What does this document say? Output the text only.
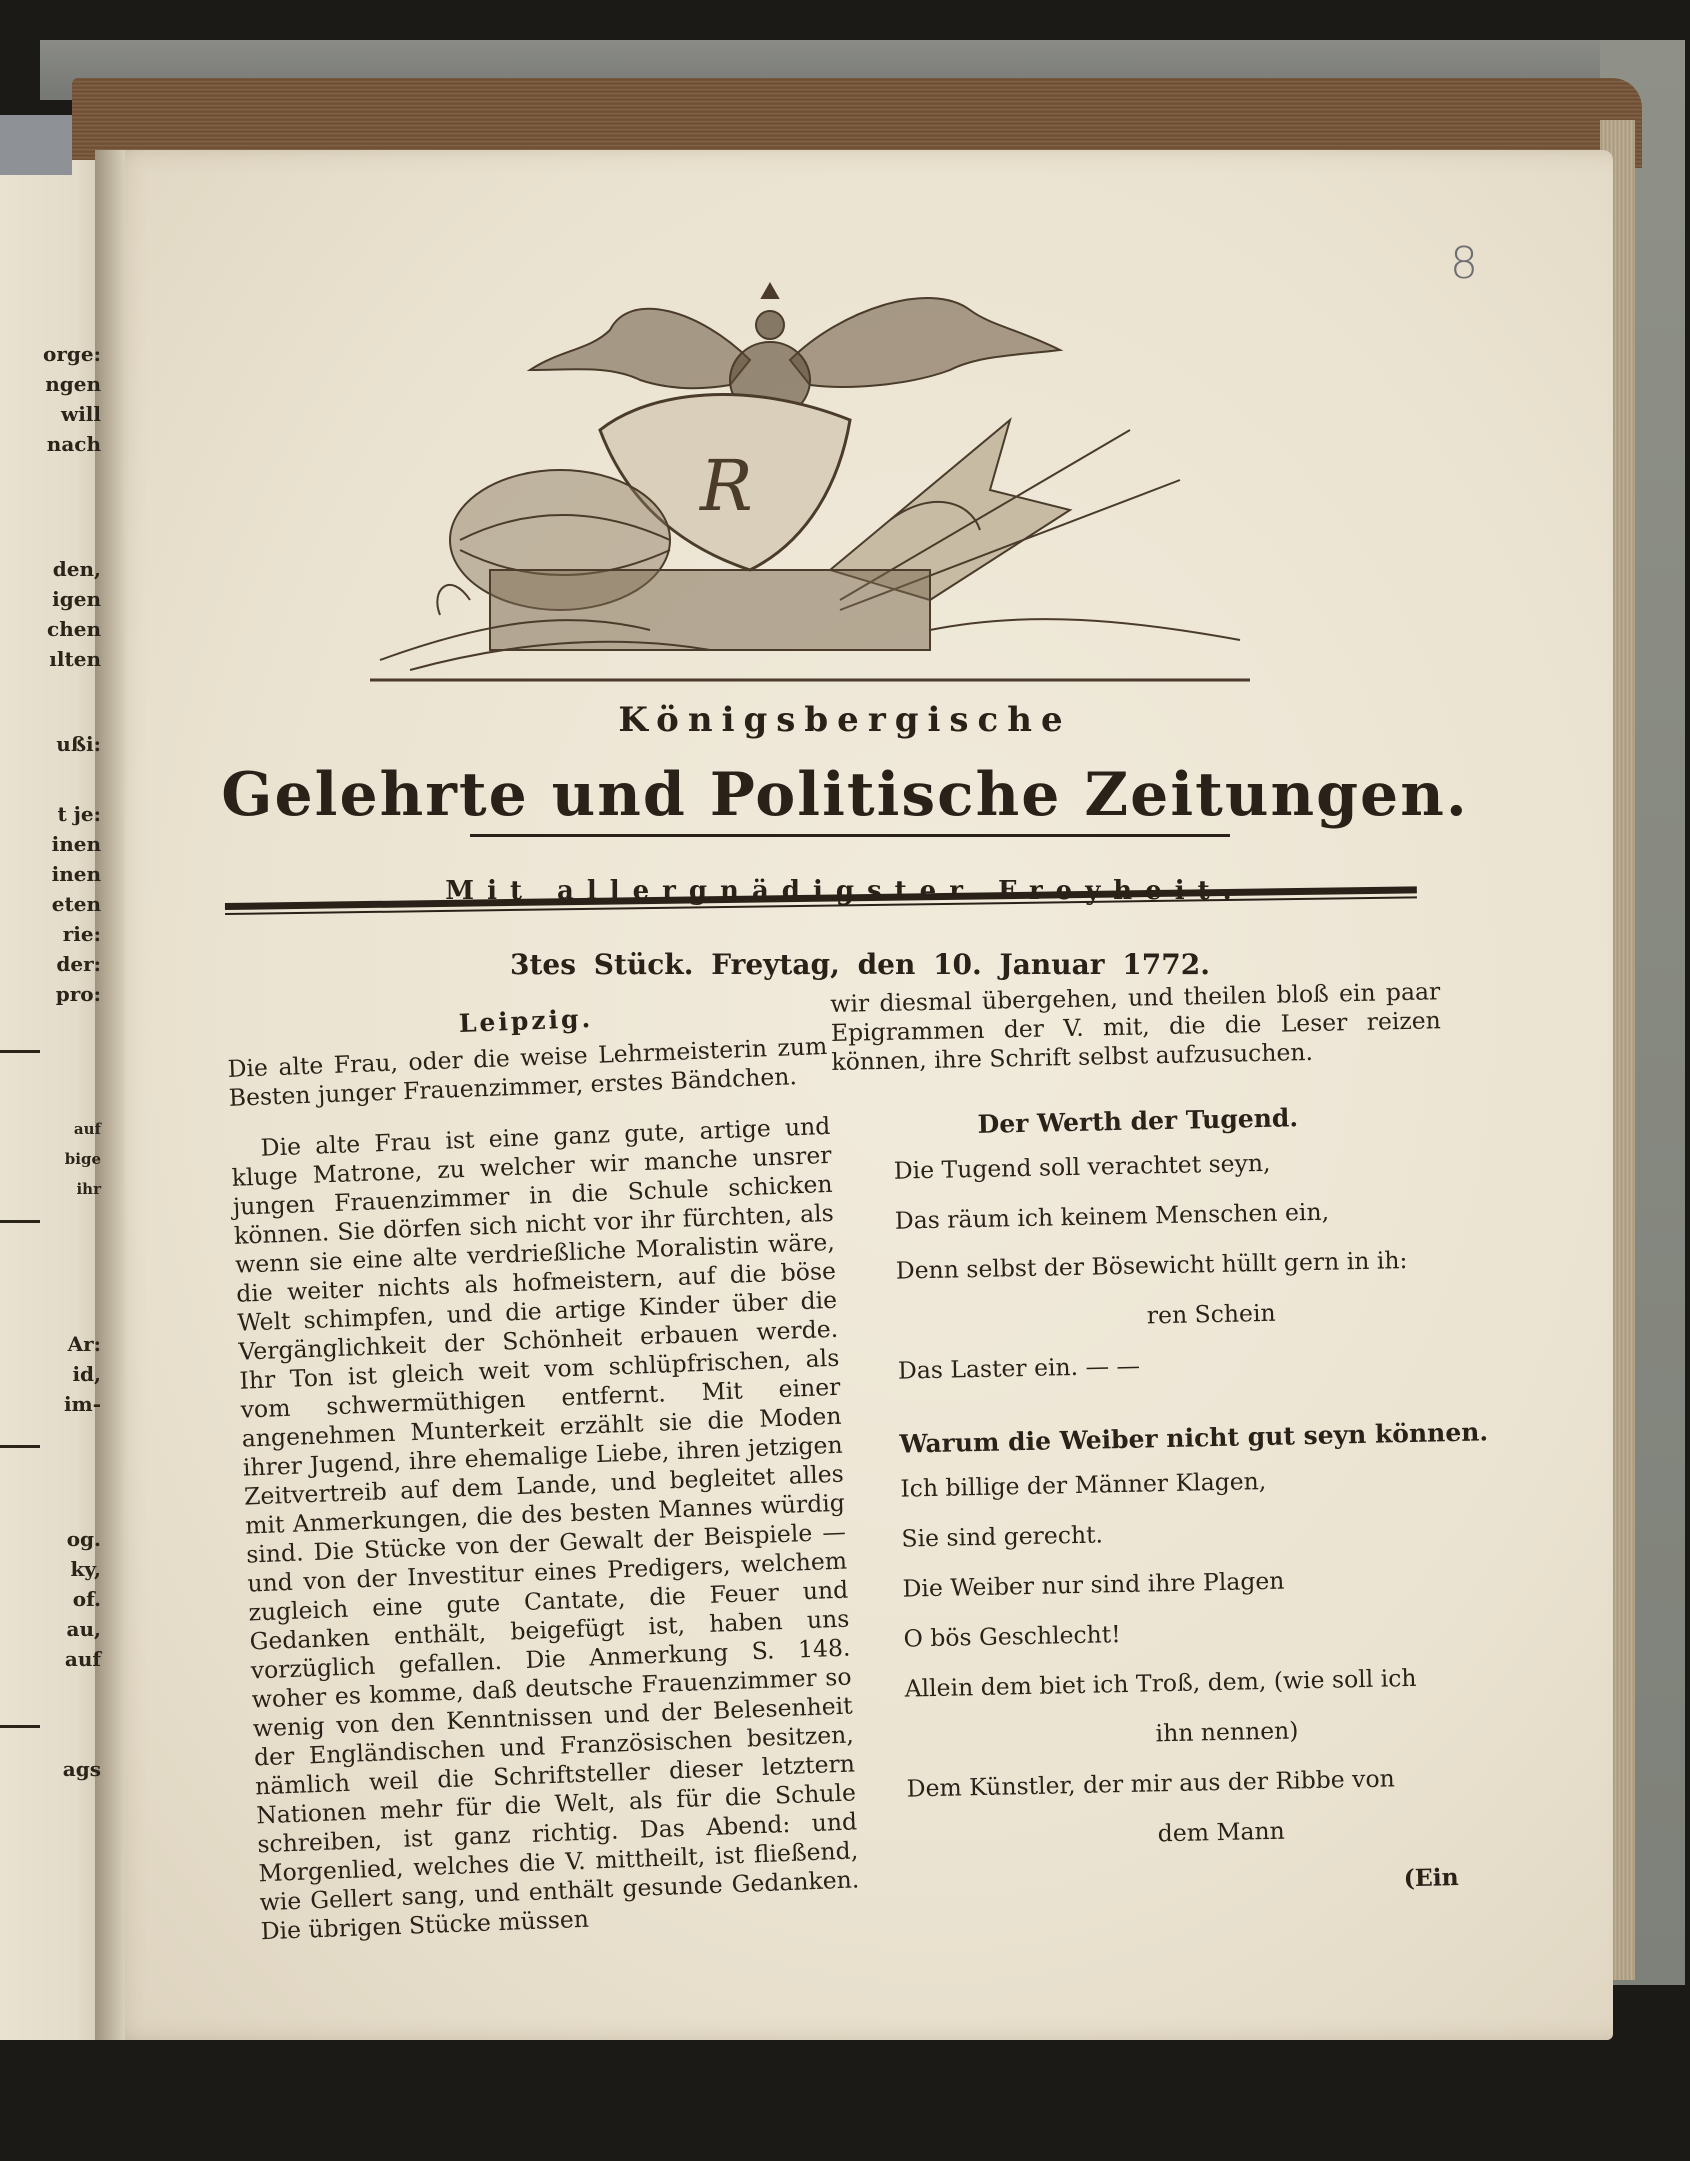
orge:
ngen
will
nach
den,
igen
chen
ılten
ußi:
t je:
inen
inen
eten
rie:
der:
pro:
auf
bige
ihr
Ar:
id,
im-
og.
ky,
of.
au,
auf
ags
8
R
Königsbergische
Gelehrte und Politische Zeitungen.
Mit allergnädigster Freyheit.
3tes Stück. Freytag, den 10. Januar 1772.
Leipzig.

Die alte Frau, oder die weise Lehrmeisterin zum Besten junger Frauenzimmer, erstes Bändchen.

Die alte Frau ist eine ganz gute, artige und kluge Matrone, zu welcher wir manche unsrer jungen Frauenzimmer in die Schule schicken können. Sie dörfen sich nicht vor ihr fürchten, als wenn sie eine alte verdrießliche Moralistin wäre, die weiter nichts als hofmeistern, auf die böse Welt schimpfen, und die artige Kinder über die Vergänglichkeit der Schönheit erbauen werde. Ihr Ton ist gleich weit vom schlüpfrischen, als vom schwermüthigen entfernt. Mit einer angenehmen Munterkeit erzählt sie die Moden ihrer Jugend, ihre ehemalige Liebe, ihren jetzigen Zeitvertreib auf dem Lande, und begleitet alles mit Anmerkungen, die des besten Mannes würdig sind. Die Stücke von der Gewalt der Beispiele — und von der Investitur eines Predigers, welchem zugleich eine gute Cantate, die Feuer und Gedanken enthält, beigefügt ist, haben uns vorzüglich gefallen. Die Anmerkung S. 148. woher es komme, daß deutsche Frauenzimmer so wenig von den Kenntnissen und der Belesenheit der Engländischen und Französischen besitzen, nämlich weil die Schriftsteller dieser letztern Nationen mehr für die Welt, als für die Schule schreiben, ist ganz richtig. Das Abend: und Morgenlied, welches die V. mittheilt, ist fließend, wie Gellert sang, und enthält gesunde Gedanken. Die übrigen Stücke müssen

wir diesmal übergehen, und theilen bloß ein paar Epigrammen der V. mit, die die Leser reizen können, ihre Schrift selbst aufzusuchen.

Der Werth der Tugend.
Die Tugend soll verachtet seyn,
Das räum ich keinem Menschen ein,
Denn selbst der Bösewicht hüllt gern in ih:
ren Schein
Das Laster ein. — —
Warum die Weiber nicht gut seyn können.
Ich billige der Männer Klagen,
Sie sind gerecht.
Die Weiber nur sind ihre Plagen
O bös Geschlecht!
Allein dem biet ich Troß, dem, (wie soll ich
ihn nennen)
Dem Künstler, der mir aus der Ribbe von
dem Mann
(Ein
